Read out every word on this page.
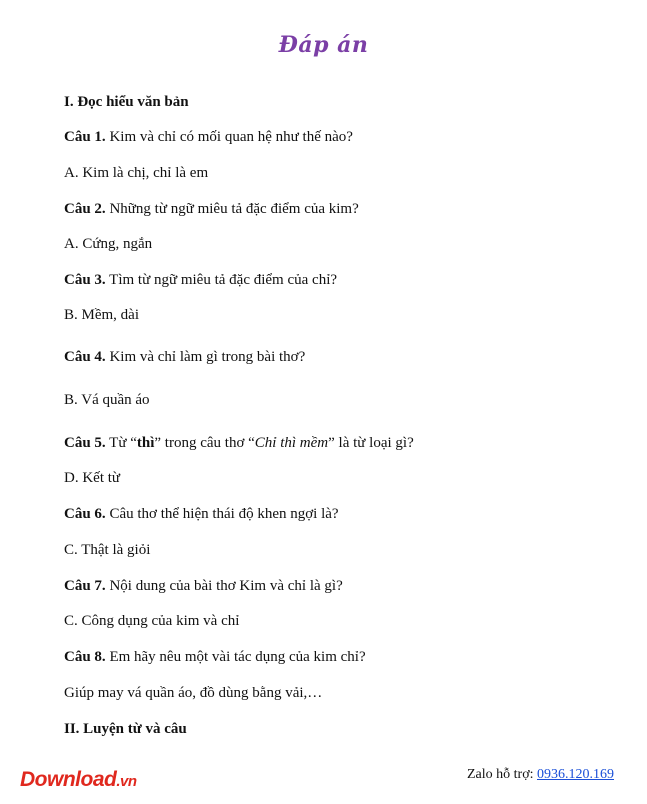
Đáp án
I. Đọc hiểu văn bản
Câu 1. Kim và chỉ có mối quan hệ như thế nào?
A. Kim là chị, chỉ là em
Câu 2. Những từ ngữ miêu tả đặc điểm của kim?
A. Cứng, ngắn
Câu 3. Tìm từ ngữ miêu tả đặc điểm của chỉ?
B. Mềm, dài
Câu 4. Kim và chỉ làm gì trong bài thơ?
B. Vá quần áo
Câu 5. Từ “thì” trong câu thơ “Chỉ thì mềm” là từ loại gì?
D. Kết từ
Câu 6. Câu thơ thể hiện thái độ khen ngợi là?
C. Thật là giỏi
Câu 7. Nội dung của bài thơ Kim và chỉ là gì?
C. Công dụng của kim và chỉ
Câu 8. Em hãy nêu một vài tác dụng của kim chỉ?
Giúp may vá quần áo, đồ dùng bằng vải,…
II. Luyện từ và câu
Download.vn	Zalo hỗ trợ: 0936.120.169
